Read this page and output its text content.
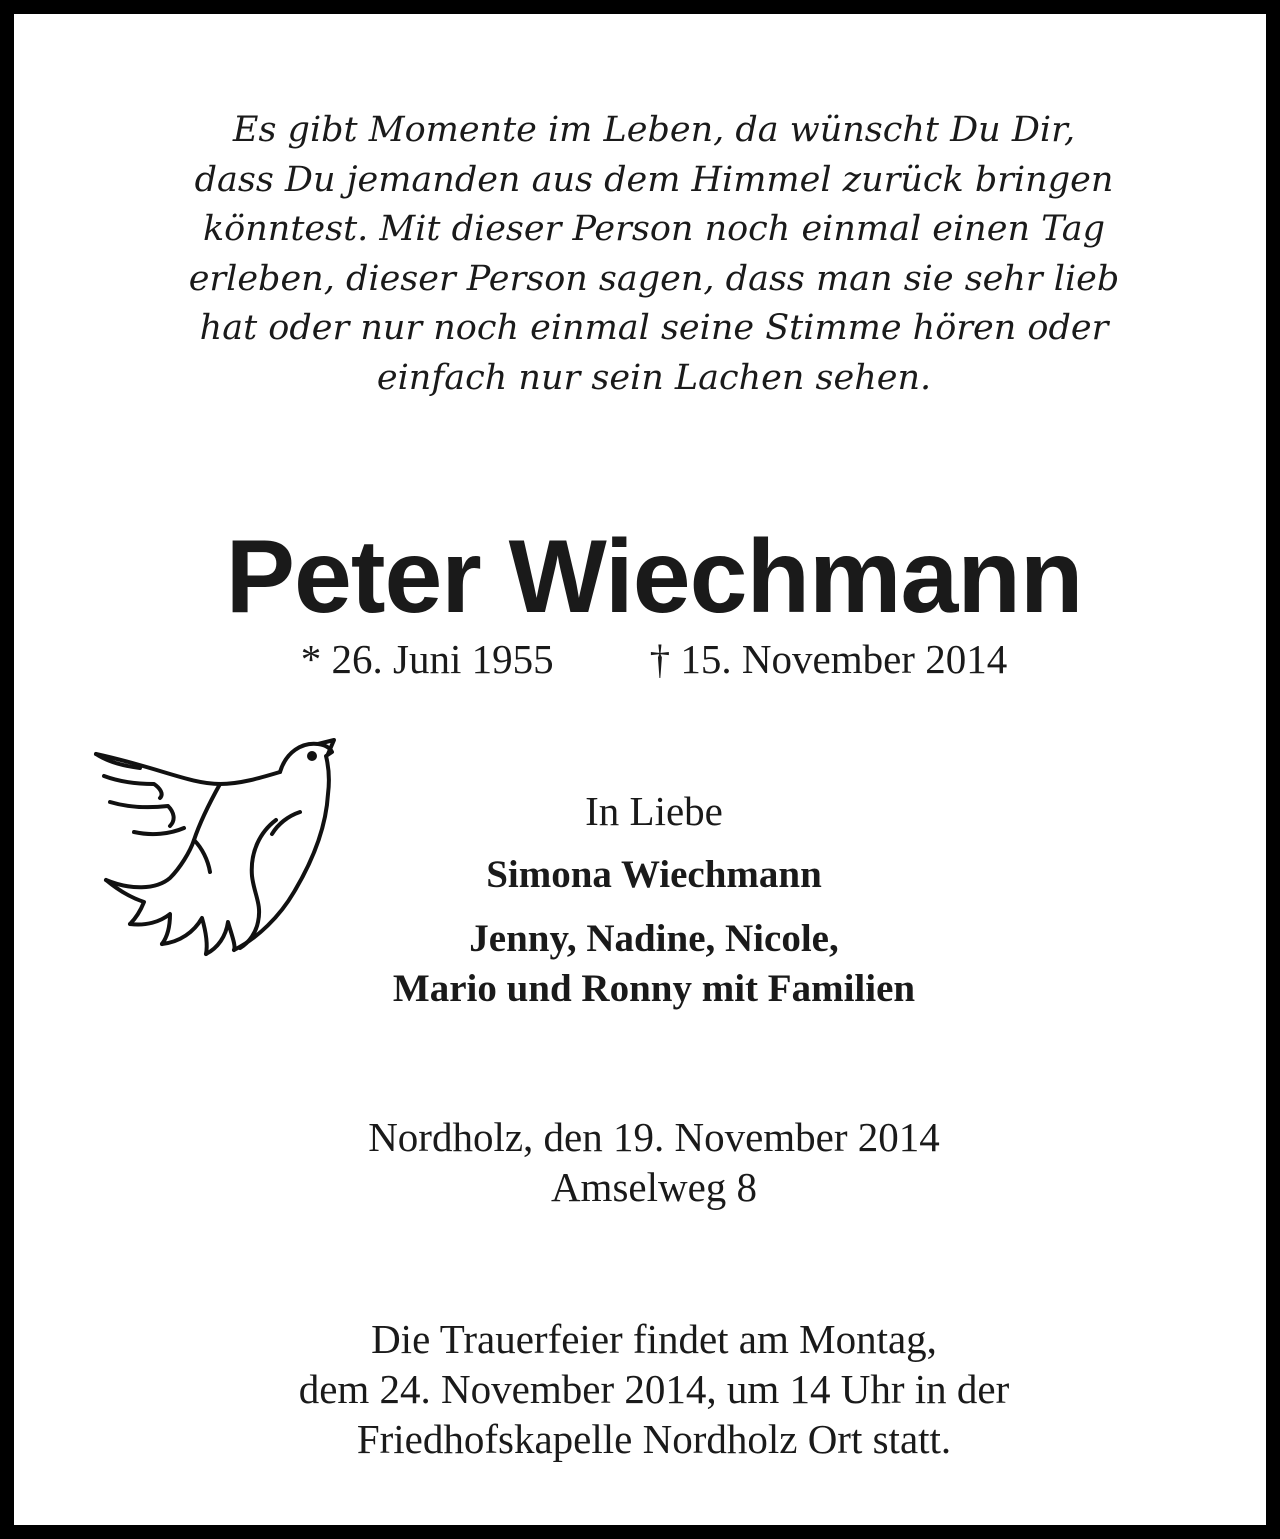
Es gibt Momente im Leben, da wünscht Du Dir,
dass Du jemanden aus dem Himmel zurück bringen
könntest. Mit dieser Person noch einmal einen Tag
erleben, dieser Person sagen, dass man sie sehr lieb
hat oder nur noch einmal seine Stimme hören oder
einfach nur sein Lachen sehen.
Peter Wiechmann
* 26. Juni 1955 † 15. November 2014
In Liebe
Simona Wiechmann
Jenny, Nadine, Nicole,
Mario und Ronny mit Familien
Nordholz, den 19. November 2014
Amselweg 8
Die Trauerfeier findet am Montag,
dem 24. November 2014, um 14 Uhr in der
Friedhofskapelle Nordholz Ort statt.
